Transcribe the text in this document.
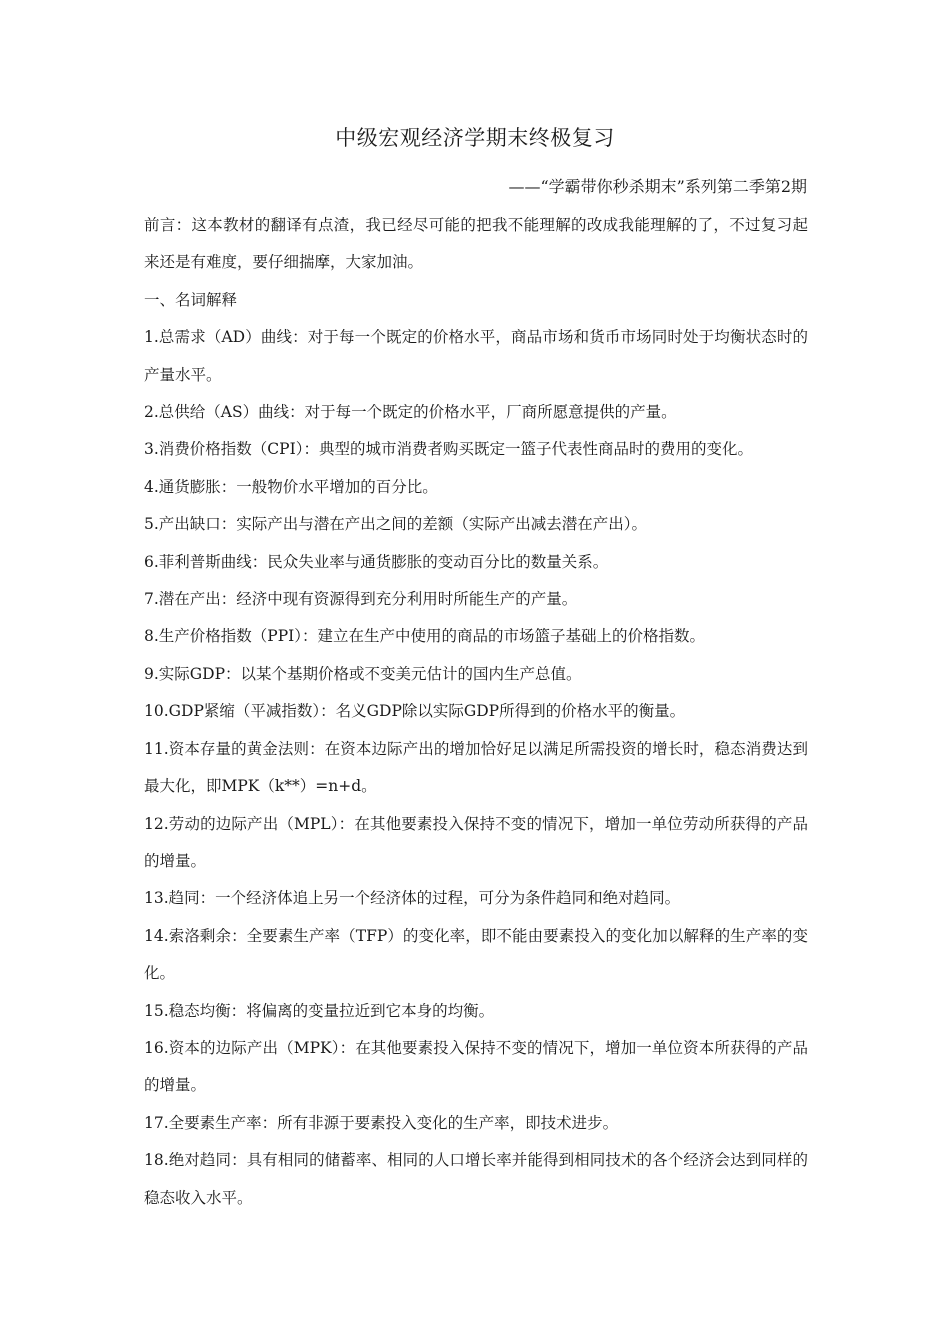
中级宏观经济学期末终极复习
——“学霸带你秒杀期末”系列第二季第2期

前言：这本教材的翻译有点渣，我已经尽可能的把我不能理解的改成我能理解的了，不过复习起来还是有难度，要仔细揣摩，大家加油。

一、名词解释

1.总需求（AD）曲线：对于每一个既定的价格水平，商品市场和货币市场同时处于均衡状态时的产量水平。

2.总供给（AS）曲线：对于每一个既定的价格水平，厂商所愿意提供的产量。

3.消费价格指数（CPI）：典型的城市消费者购买既定一篮子代表性商品时的费用的变化。

4.通货膨胀：一般物价水平增加的百分比。

5.产出缺口：实际产出与潜在产出之间的差额（实际产出减去潜在产出）。

6.菲利普斯曲线：民众失业率与通货膨胀的变动百分比的数量关系。

7.潜在产出：经济中现有资源得到充分利用时所能生产的产量。

8.生产价格指数（PPI）：建立在生产中使用的商品的市场篮子基础上的价格指数。

9.实际GDP：以某个基期价格或不变美元估计的国内生产总值。

10.GDP紧缩（平减指数）：名义GDP除以实际GDP所得到的价格水平的衡量。

11.资本存量的黄金法则：在资本边际产出的增加恰好足以满足所需投资的增长时，稳态消费达到最大化，即MPK（k**）=n+d。

12.劳动的边际产出（MPL）：在其他要素投入保持不变的情况下，增加一单位劳动所获得的产品的增量。

13.趋同：一个经济体追上另一个经济体的过程，可分为条件趋同和绝对趋同。

14.索洛剩余：全要素生产率（TFP）的变化率，即不能由要素投入的变化加以解释的生产率的变化。

15.稳态均衡：将偏离的变量拉近到它本身的均衡。

16.资本的边际产出（MPK）：在其他要素投入保持不变的情况下，增加一单位资本所获得的产品的增量。

17.全要素生产率：所有非源于要素投入变化的生产率，即技术进步。

18.绝对趋同：具有相同的储蓄率、相同的人口增长率并能得到相同技术的各个经济会达到同样的稳态收入水平。
